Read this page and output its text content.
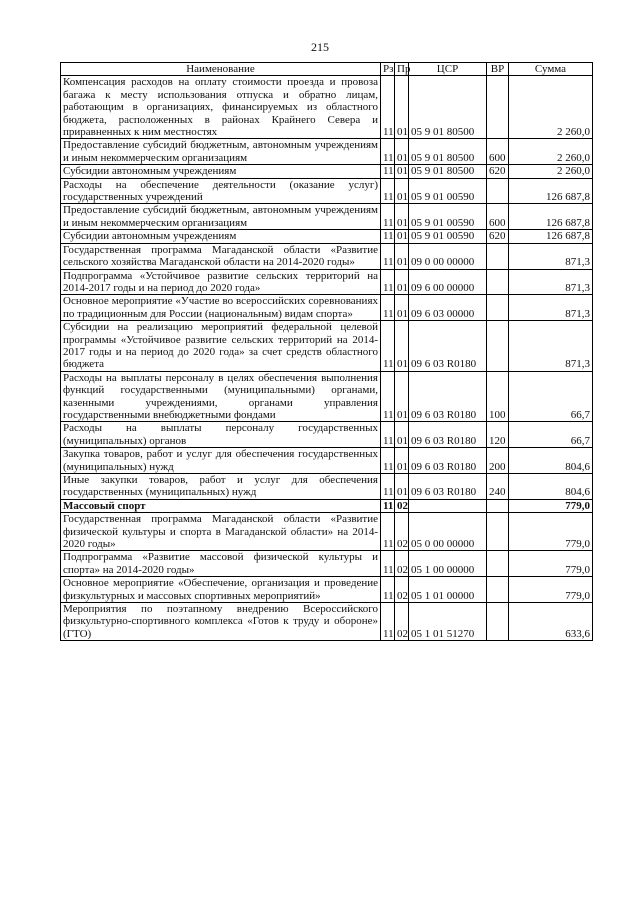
215
Наименование	Рз	Пр	ЦСР	ВР	Сумма
Компенсация расходов на оплату стоимости проезда и провоза багажа к месту использования отпуска и обратно лицам, работающим в организациях, финансируемых из областного бюджета, расположенных в районах Крайнего Севера и приравненных к ним местностях	11	01	05 9 01 80500		2 260,0
Предоставление субсидий бюджетным, автономным учреждениям и иным некоммерческим организациям	11	01	05 9 01 80500	600	2 260,0
Субсидии автономным учреждениям	11	01	05 9 01 80500	620	2 260,0
Расходы на обеспечение деятельности (оказание услуг) государственных учреждений	11	01	05 9 01 00590		126 687,8
Предоставление субсидий бюджетным, автономным учреждениям и иным некоммерческим организациям	11	01	05 9 01 00590	600	126 687,8
Субсидии автономным учреждениям	11	01	05 9 01 00590	620	126 687,8
Государственная программа Магаданской области «Развитие сельского хозяйства Магаданской области на 2014-2020 годы»	11	01	09 0 00 00000		871,3
Подпрограмма «Устойчивое развитие сельских территорий на 2014-2017 годы и на период до 2020 года»	11	01	09 6 00 00000		871,3
Основное мероприятие «Участие во всероссийских соревнованиях по традиционным для России (национальным) видам спорта»	11	01	09 6 03 00000		871,3
Субсидии на реализацию мероприятий федеральной целевой программы «Устойчивое развитие сельских территорий на 2014-2017 годы и на период до 2020 года» за счет средств областного бюджета	11	01	09 6 03 R0180		871,3
Расходы на выплаты персоналу в целях обеспечения выполнения функций государственными (муниципальными) органами, казенными учреждениями, органами управления государственными внебюджетными фондами	11	01	09 6 03 R0180	100	66,7
Расходы на выплаты персоналу государственных (муниципальных) органов	11	01	09 6 03 R0180	120	66,7
Закупка товаров, работ и услуг для обеспечения государственных (муниципальных) нужд	11	01	09 6 03 R0180	200	804,6
Иные закупки товаров, работ и услуг для обеспечения государственных (муниципальных) нужд	11	01	09 6 03 R0180	240	804,6
Массовый спорт	11	02			779,0
Государственная программа Магаданской области «Развитие физической культуры и спорта в Магаданской области» на 2014-2020 годы»	11	02	05 0 00 00000		779,0
Подпрограмма «Развитие массовой физической культуры и спорта» на 2014-2020 годы»	11	02	05 1 00 00000		779,0
Основное мероприятие «Обеспечение, организация и проведение физкультурных и массовых спортивных мероприятий»	11	02	05 1 01 00000		779,0
Мероприятия по поэтапному внедрению Всероссийского физкультурно-спортивного комплекса «Готов к труду и обороне» (ГТО)	11	02	05 1 01 51270		633,6
